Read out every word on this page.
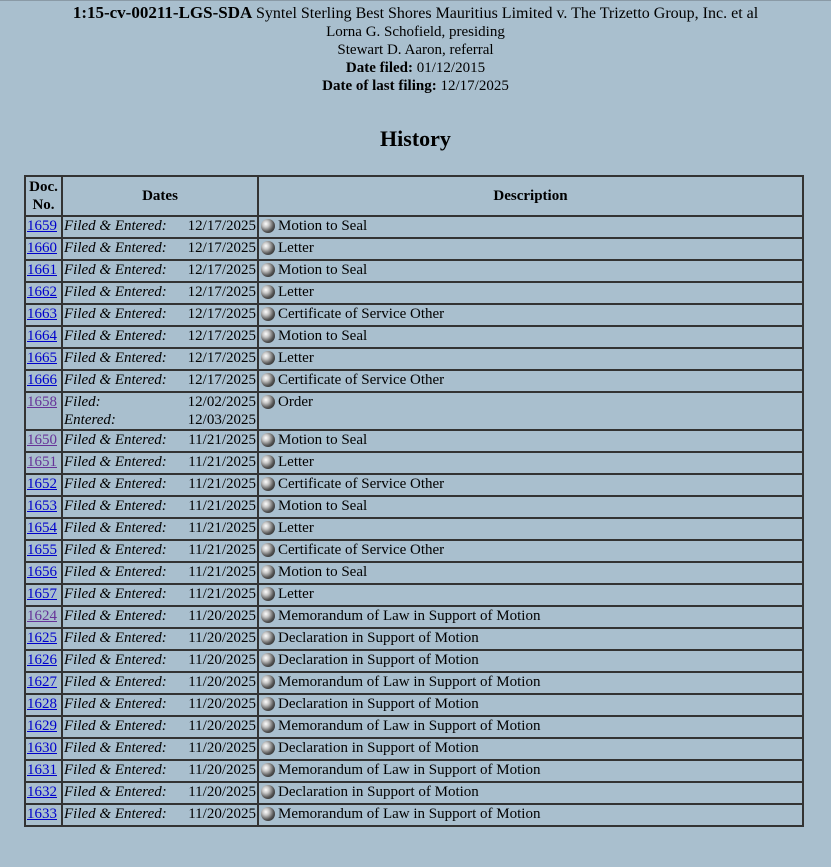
1:15-cv-00211-LGS-SDA Syntel Sterling Best Shores Mauritius Limited v. The Trizetto Group, Inc. et al
Lorna G. Schofield, presiding
Stewart D. Aaron, referral
Date filed: 01/12/2015
Date of last filing: 12/17/2025
History
Doc.
No.	Dates	Description
1659	Filed & Entered: 12/17/2025	Motion to Seal

1660	Filed & Entered: 12/17/2025	Letter

1661	Filed & Entered: 12/17/2025	Motion to Seal

1662	Filed & Entered: 12/17/2025	Letter

1663	Filed & Entered: 12/17/2025	Certificate of Service Other

1664	Filed & Entered: 12/17/2025	Motion to Seal

1665	Filed & Entered: 12/17/2025	Letter

1666	Filed & Entered: 12/17/2025	Certificate of Service Other

1658	Filed: 12/02/2025
Entered: 12/03/2025	Order

1650	Filed & Entered: 11/21/2025	Motion to Seal

1651	Filed & Entered: 11/21/2025	Letter

1652	Filed & Entered: 11/21/2025	Certificate of Service Other

1653	Filed & Entered: 11/21/2025	Motion to Seal

1654	Filed & Entered: 11/21/2025	Letter

1655	Filed & Entered: 11/21/2025	Certificate of Service Other

1656	Filed & Entered: 11/21/2025	Motion to Seal

1657	Filed & Entered: 11/21/2025	Letter

1624	Filed & Entered: 11/20/2025	Memorandum of Law in Support of Motion

1625	Filed & Entered: 11/20/2025	Declaration in Support of Motion

1626	Filed & Entered: 11/20/2025	Declaration in Support of Motion

1627	Filed & Entered: 11/20/2025	Memorandum of Law in Support of Motion

1628	Filed & Entered: 11/20/2025	Declaration in Support of Motion

1629	Filed & Entered: 11/20/2025	Memorandum of Law in Support of Motion

1630	Filed & Entered: 11/20/2025	Declaration in Support of Motion

1631	Filed & Entered: 11/20/2025	Memorandum of Law in Support of Motion

1632	Filed & Entered: 11/20/2025	Declaration in Support of Motion

1633	Filed & Entered: 11/20/2025	Memorandum of Law in Support of Motion
